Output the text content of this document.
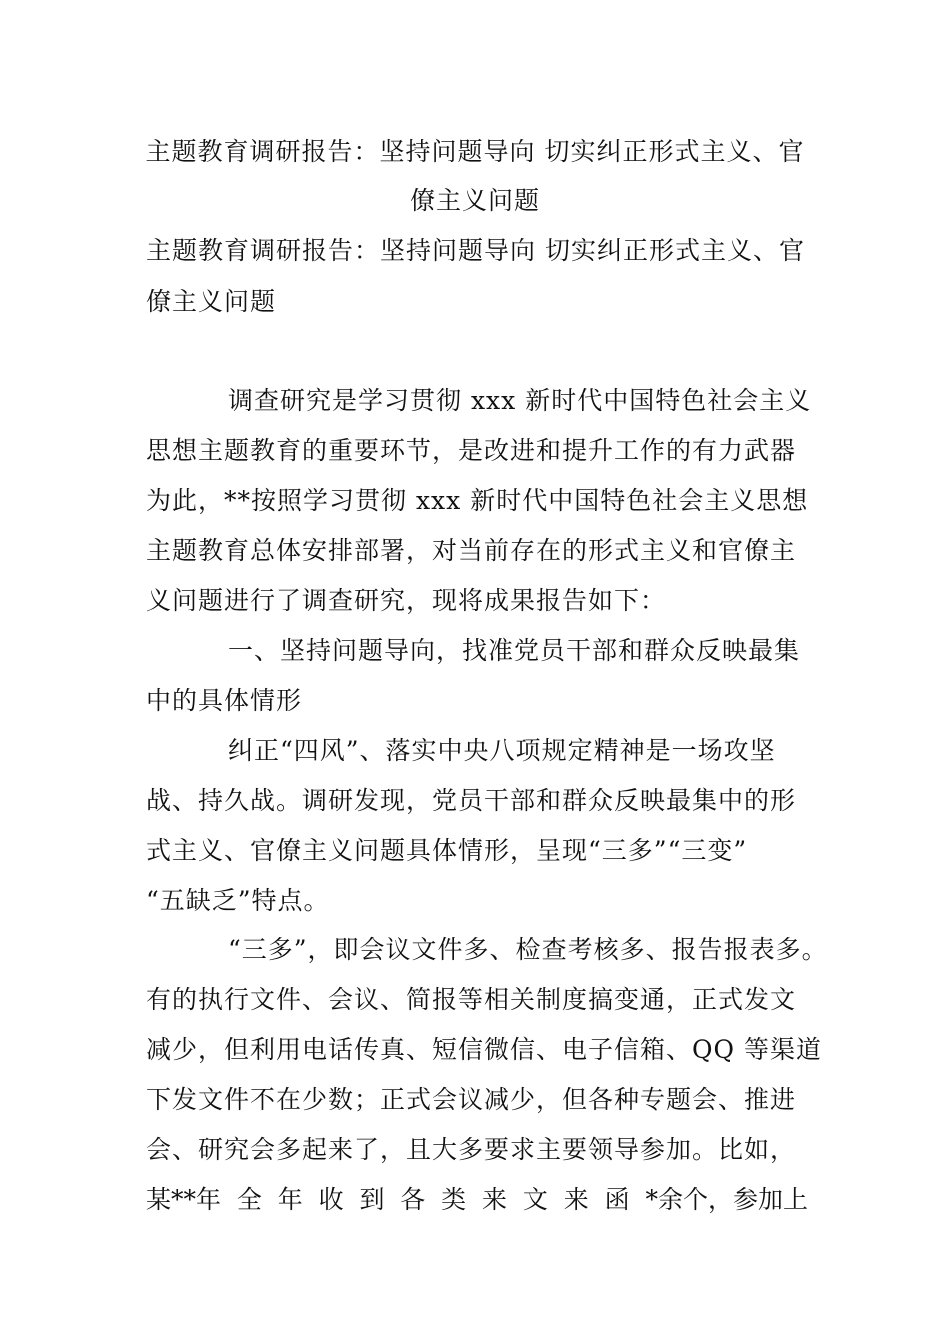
主题教育调研报告：坚持问题导向 切实纠正形式主义、官
僚主义问题
主题教育调研报告：坚持问题导向 切实纠正形式主义、官
僚主义问题
调查研究是学习贯彻 xxx 新时代中国特色社会主义
思想主题教育的重要环节，是改进和提升工作的有力武器
为此，**按照学习贯彻 xxx 新时代中国特色社会主义思想
主题教育总体安排部署，对当前存在的形式主义和官僚主
义问题进行了调查研究，现将成果报告如下：
一、坚持问题导向，找准党员干部和群众反映最集
中的具体情形
纠正“四风”、落实中央八项规定精神是一场攻坚
战、持久战。调研发现，党员干部和群众反映最集中的形
式主义、官僚主义问题具体情形，呈现“三多”“三变”
“五缺乏”特点。
“三多”，即会议文件多、检查考核多、报告报表多。
有的执行文件、会议、简报等相关制度搞变通，正式发文
减少，但利用电话传真、短信微信、电子信箱、QQ 等渠道
下发文件不在少数；正式会议减少，但各种专题会、推进
会、研究会多起来了，且大多要求主要领导参加。比如，
某**年 全 年 收 到 各 类 来 文 来 函 *余个，参加上
